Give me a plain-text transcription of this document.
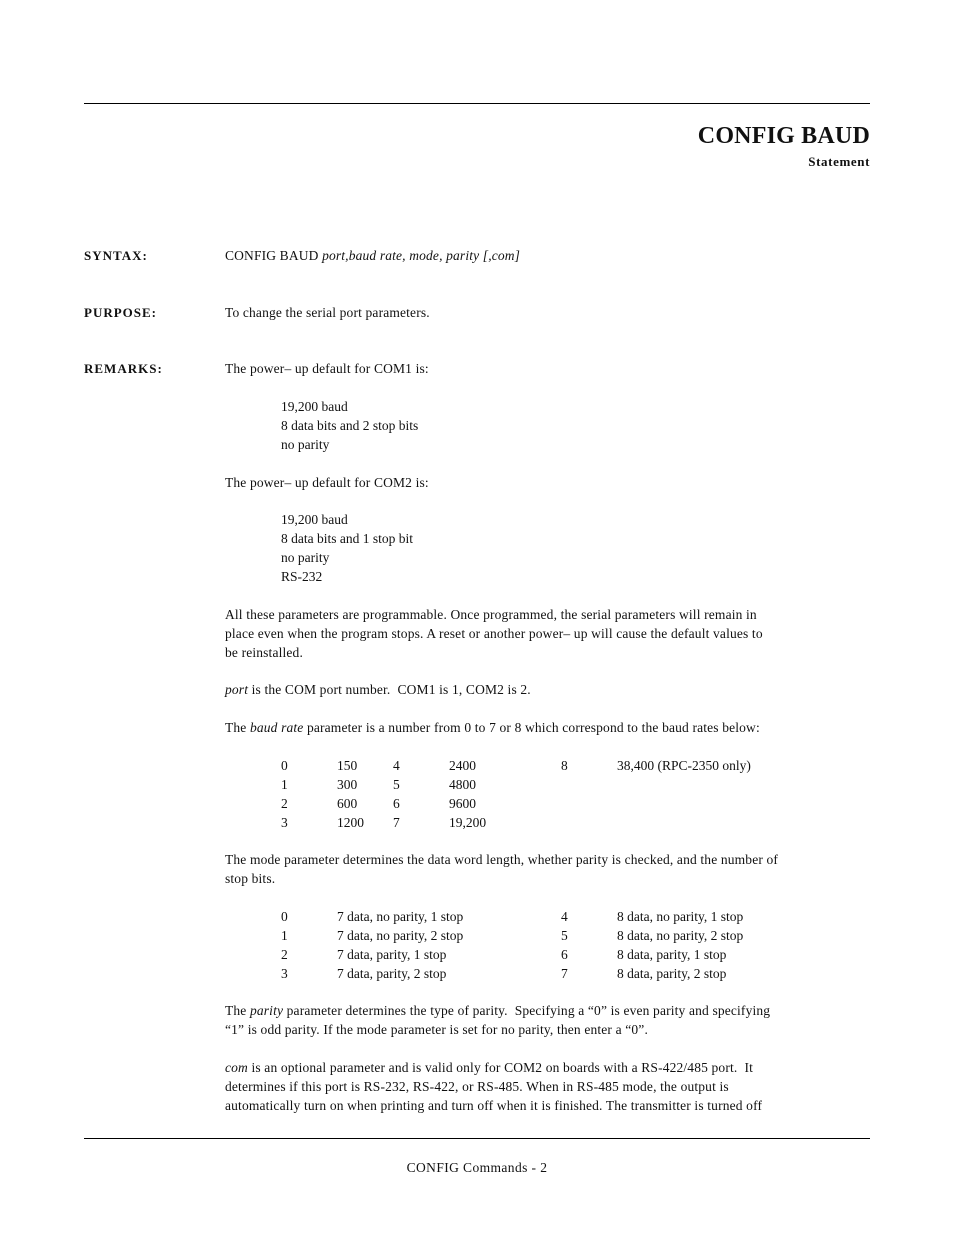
CONFIG BAUD
Statement
SYNTAX:	CONFIG BAUD port,baud rate, mode, parity [,com]
PURPOSE:	To change the serial port parameters.
REMARKS:	The power– up default for COM1 is:
19,200 baud
8 data bits and 2 stop bits
no parity
The power– up default for COM2 is:
19,200 baud
8 data bits and 1 stop bit
no parity
RS-232
All these parameters are programmable. Once programmed, the serial parameters will remain in
place even when the program stops. A reset or another power– up will cause the default values to
be reinstalled.
port is the COM port number.  COM1 is 1, COM2 is 2.
The baud rate parameter is a number from 0 to 7 or 8 which correspond to the baud rates below:
0	150	4	2400	8	38,400 (RPC-2350 only)
1	300	5	4800		
2	600	6	9600		
3	1200	7	19,200		
The mode parameter determines the data word length, whether parity is checked, and the number of
stop bits.
0	7 data, no parity, 1 stop	4	8 data, no parity, 1 stop
1	7 data, no parity, 2 stop	5	8 data, no parity, 2 stop
2	7 data, parity, 1 stop	6	8 data, parity, 1 stop
3	7 data, parity, 2 stop	7	8 data, parity, 2 stop
The parity parameter determines the type of parity.  Specifying a “0” is even parity and specifying
“1” is odd parity. If the mode parameter is set for no parity, then enter a “0”.
com is an optional parameter and is valid only for COM2 on boards with a RS-422/485 port.  It
determines if this port is RS-232, RS-422, or RS-485. When in RS-485 mode, the output is
automatically turn on when printing and turn off when it is finished. The transmitter is turned off
CONFIG Commands - 2
